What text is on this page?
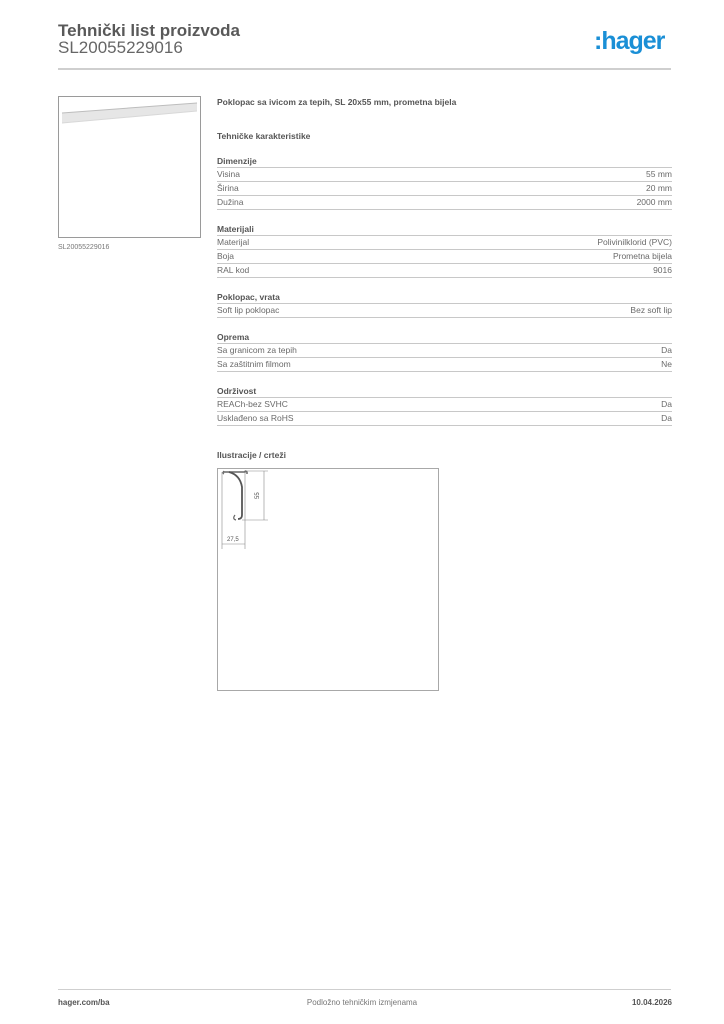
Tehnički list proizvoda
SL20055229016	:hager
SL20055229016
Poklopac sa ivicom za tepih, SL 20x55 mm, prometna bijela
Tehničke karakteristike
Dimenzije
Visina	55 mm
Širina	20 mm
Dužina	2000 mm
Materijali
Materijal	Polivinilklorid (PVC)
Boja	Prometna bijela
RAL kod	9016
Poklopac, vrata
Soft lip poklopac	Bez soft lip
Oprema
Sa granicom za tepih	Da
Sa zaštitnim filmom	Ne
Održivost
REACh-bez SVHC	Da
Usklađeno sa RoHS	Da
Ilustracije / crteži
55
27,5
hager.com/ba	Podložno tehničkim izmjenama	10.04.2026
